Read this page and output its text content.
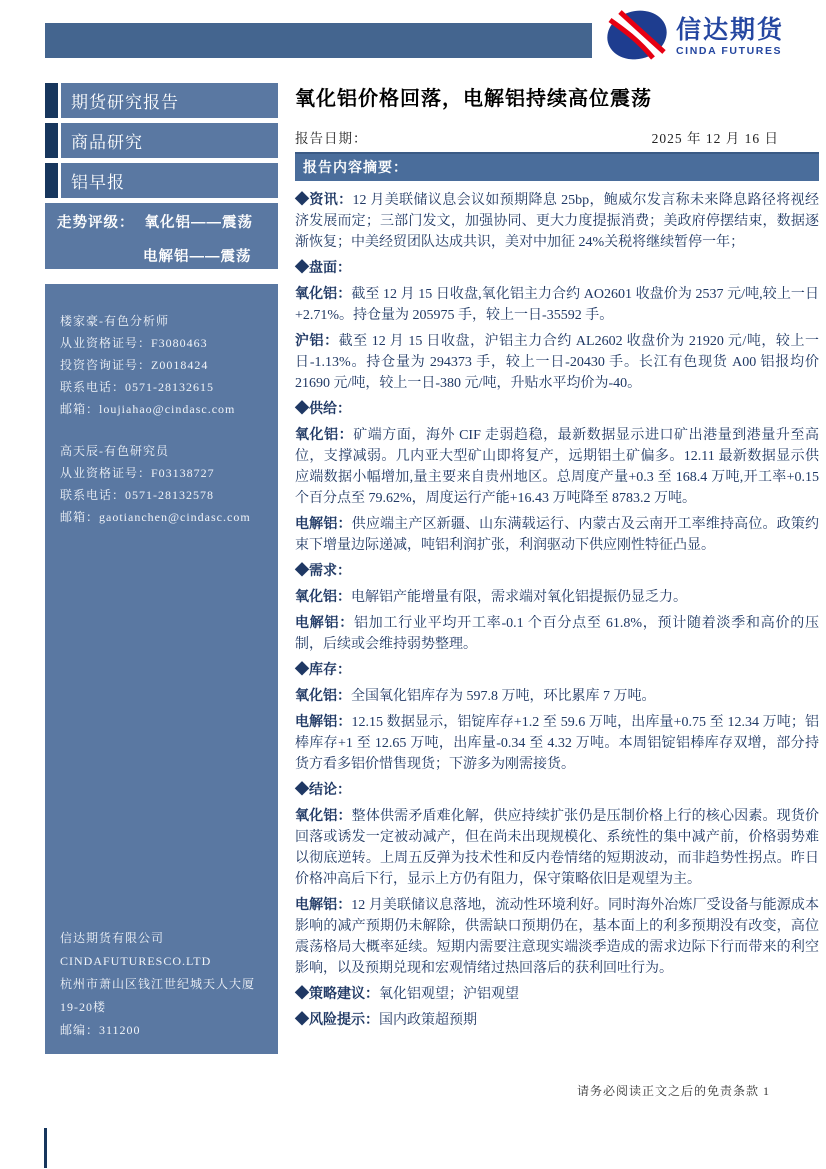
信达期货
CINDA FUTURES
期货研究报告
商品研究
铝早报
走势评级： 氧化铝——震荡
电解铝——震荡
楼家豪-有色分析师
从业资格证号：F3080463
投资咨询证号：Z0018424
联系电话：0571-28132615
邮箱：loujiahao@cindasc.com
高天辰-有色研究员
从业资格证号：F03138727
联系电话：0571-28132578
邮箱：gaotianchen@cindasc.com
信达期货有限公司
CINDAFUTURESCO.LTD
杭州市萧山区钱江世纪城天人大厦19-20楼
邮编：311200
氧化铝价格回落，电解铝持续高位震荡
报告日期：	2025 年 12 月 16 日
报告内容摘要：

◆资讯：12 月美联储议息会议如预期降息 25bp，鲍威尔发言称未来降息路径将视经济发展而定；三部门发文，加强协同、更大力度提振消费；美政府停摆结束，数据逐渐恢复；中美经贸团队达成共识，美对中加征 24%关税将继续暂停一年；

◆盘面：

氧化铝：截至 12 月 15 日收盘,氧化铝主力合约 AO2601 收盘价为 2537 元/吨,较上一日+2.71%。持仓量为 205975 手，较上一日-35592 手。

沪铝：截至 12 月 15 日收盘，沪铝主力合约 AL2602 收盘价为 21920 元/吨，较上一日-1.13%。持仓量为 294373 手，较上一日-20430 手。长江有色现货 A00 铝报均价 21690 元/吨，较上一日-380 元/吨，升贴水平均价为-40。

◆供给：

氧化铝：矿端方面，海外 CIF 走弱趋稳，最新数据显示进口矿出港量到港量升至高位，支撑减弱。几内亚大型矿山即将复产，远期铝土矿偏多。12.11 最新数据显示供应端数据小幅增加,量主要来自贵州地区。总周度产量+0.3 至 168.4 万吨,开工率+0.15 个百分点至 79.62%，周度运行产能+16.43 万吨降至 8783.2 万吨。

电解铝：供应端主产区新疆、山东满载运行、内蒙古及云南开工率维持高位。政策约束下增量边际递减，吨铝利润扩张，利润驱动下供应刚性特征凸显。

◆需求：

氧化铝：电解铝产能增量有限，需求端对氧化铝提振仍显乏力。

电解铝：铝加工行业平均开工率-0.1 个百分点至 61.8%，预计随着淡季和高价的压制，后续或会维持弱势整理。

◆库存：

氧化铝：全国氧化铝库存为 597.8 万吨，环比累库 7 万吨。

电解铝：12.15 数据显示，铝锭库存+1.2 至 59.6 万吨，出库量+0.75 至 12.34 万吨；铝棒库存+1 至 12.65 万吨，出库量-0.34 至 4.32 万吨。本周铝锭铝棒库存双增，部分持货方看多铝价惜售现货；下游多为刚需接货。

◆结论：

氧化铝：整体供需矛盾难化解，供应持续扩张仍是压制价格上行的核心因素。现货价回落或诱发一定被动减产，但在尚未出现规模化、系统性的集中减产前，价格弱势难以彻底逆转。上周五反弹为技术性和反内卷情绪的短期波动，而非趋势性拐点。昨日价格冲高后下行，显示上方仍有阻力，保守策略依旧是观望为主。

电解铝：12 月美联储议息落地，流动性环境利好。同时海外冶炼厂受设备与能源成本影响的减产预期仍未解除，供需缺口预期仍在，基本面上的利多预期没有改变，高位震荡格局大概率延续。短期内需要注意现实端淡季造成的需求边际下行而带来的利空影响，以及预期兑现和宏观情绪过热回落后的获利回吐行为。

◆策略建议：氧化铝观望；沪铝观望

◆风险提示：国内政策超预期

请务必阅读正文之后的免责条款 1
